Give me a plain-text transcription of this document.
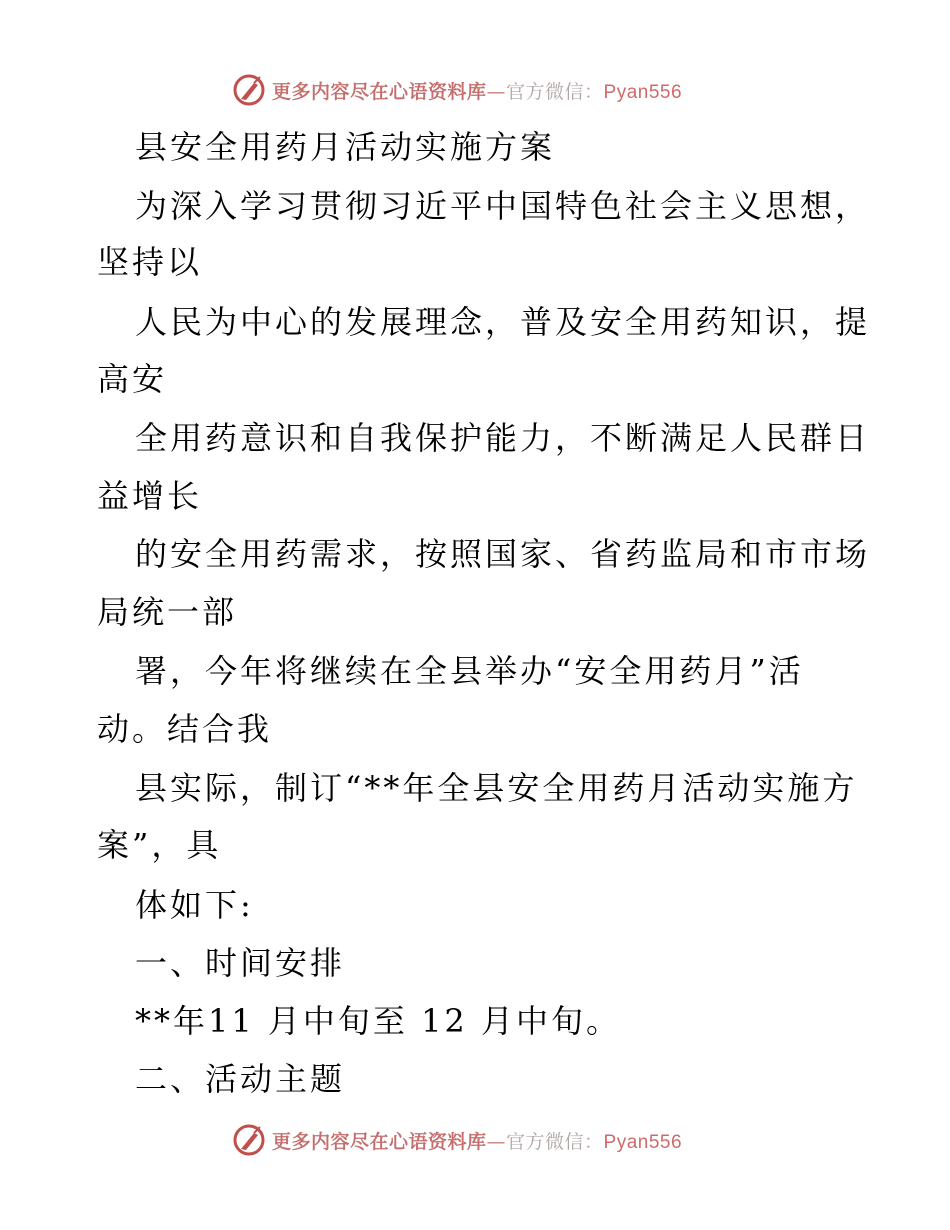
更多内容尽在心语资料库—官方微信：Pyan556
县安全用药月活动实施方案
为深入学习贯彻习近平中国特色社会主义思想，
坚持以
人民为中心的发展理念，普及安全用药知识，提
高安
全用药意识和自我保护能力，不断满足人民群日
益增长
的安全用药需求，按照国家、省药监局和市市场
局统一部
署，今年将继续在全县举办“安全用药月”活
动。结合我
县实际，制订“**年全县安全用药月活动实施方
案”，具
体如下:
一、时间安排
**年11 月中旬至 12 月中旬。
二、活动主题
更多内容尽在心语资料库—官方微信：Pyan556
